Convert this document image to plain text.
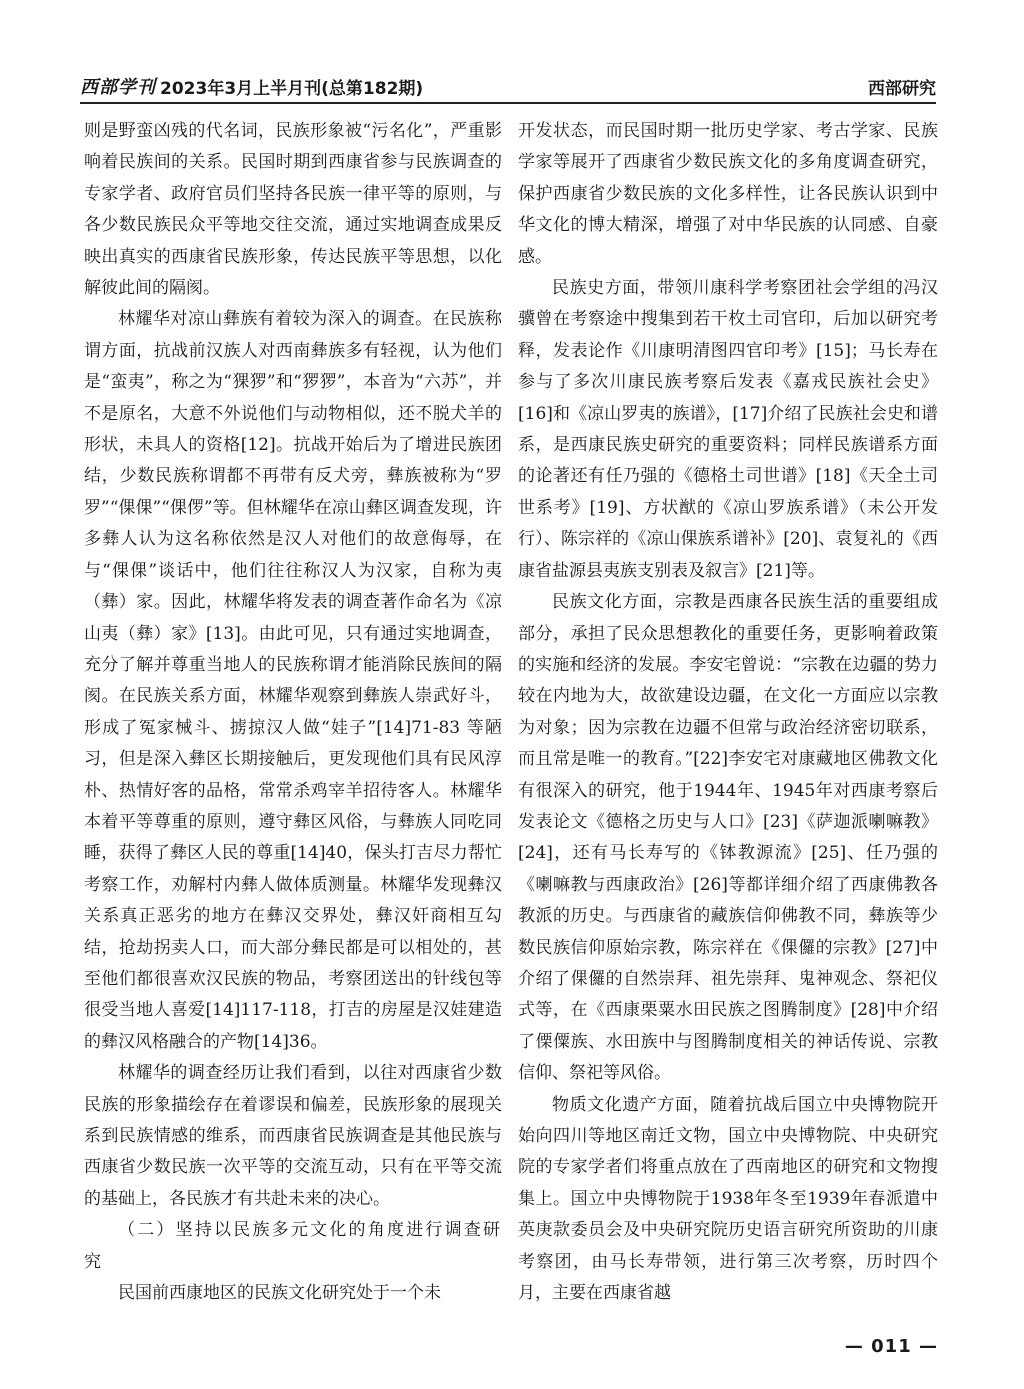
西部学刊 2023年3月上半月刊(总第182期)	西部研究

则是野蛮凶残的代名词，民族形象被“污名化”，严重影响着民族间的关系。民国时期到西康省参与民族调查的专家学者、政府官员们坚持各民族一律平等的原则，与各少数民族民众平等地交往交流，通过实地调查成果反映出真实的西康省民族形象，传达民族平等思想，以化解彼此间的隔阂。

林耀华对凉山彝族有着较为深入的调查。在民族称谓方面，抗战前汉族人对西南彝族多有轻视，认为他们是“蛮夷”，称之为“猓猡”和“猡猡”，本音为“六苏”，并不是原名，大意不外说他们与动物相似，还不脱犬羊的形状，未具人的资格[12]。抗战开始后为了增进民族团结，少数民族称谓都不再带有反犬旁，彝族被称为“罗罗”“倮倮”“倮㑩”等。但林耀华在凉山彝区调查发现，许多彝人认为这名称依然是汉人对他们的故意侮辱，在与“倮倮”谈话中，他们往往称汉人为汉家，自称为夷（彝）家。因此，林耀华将发表的调查著作命名为《凉山夷（彝）家》[13]。由此可见，只有通过实地调查，充分了解并尊重当地人的民族称谓才能消除民族间的隔阂。在民族关系方面，林耀华观察到彝族人崇武好斗，形成了冤家械斗、掳掠汉人做“娃子”[14]71-83 等陋习，但是深入彝区长期接触后，更发现他们具有民风淳朴、热情好客的品格，常常杀鸡宰羊招待客人。林耀华本着平等尊重的原则，遵守彝区风俗，与彝族人同吃同睡，获得了彝区人民的尊重[14]40，保头打吉尽力帮忙考察工作，劝解村内彝人做体质测量。林耀华发现彝汉关系真正恶劣的地方在彝汉交界处，彝汉奸商相互勾结，抢劫拐卖人口，而大部分彝民都是可以相处的，甚至他们都很喜欢汉民族的物品，考察团送出的针线包等很受当地人喜爱[14]117-118，打吉的房屋是汉娃建造的彝汉风格融合的产物[14]36。

林耀华的调查经历让我们看到，以往对西康省少数民族的形象描绘存在着谬误和偏差，民族形象的展现关系到民族情感的维系，而西康省民族调查是其他民族与西康省少数民族一次平等的交流互动，只有在平等交流的基础上，各民族才有共赴未来的决心。

（二）坚持以民族多元文化的角度进行调查研究

民国前西康地区的民族文化研究处于一个未

开发状态，而民国时期一批历史学家、考古学家、民族学家等展开了西康省少数民族文化的多角度调查研究，保护西康省少数民族的文化多样性，让各民族认识到中华文化的博大精深，增强了对中华民族的认同感、自豪感。

民族史方面，带领川康科学考察团社会学组的冯汉骥曾在考察途中搜集到若干枚土司官印，后加以研究考释，发表论作《川康明清图四官印考》[15]；马长寿在参与了多次川康民族考察后发表《嘉戎民族社会史》[16]和《凉山罗夷的族谱》，[17]介绍了民族社会史和谱系，是西康民族史研究的重要资料；同样民族谱系方面的论著还有任乃强的《德格土司世谱》[18]《天全土司世系考》[19]、方状猷的《凉山罗族系谱》（未公开发行）、陈宗祥的《凉山倮族系谱补》[20]、袁复礼的《西康省盐源县夷族支别表及叙言》[21]等。

民族文化方面，宗教是西康各民族生活的重要组成部分，承担了民众思想教化的重要任务，更影响着政策的实施和经济的发展。李安宅曾说：“宗教在边疆的势力较在内地为大，故欲建设边疆，在文化一方面应以宗教为对象；因为宗教在边疆不但常与政治经济密切联系，而且常是唯一的教育。”[22]李安宅对康藏地区佛教文化有很深入的研究，他于1944年、1945年对西康考察后发表论文《德格之历史与人口》[23]《萨迦派喇嘛教》[24]，还有马长寿写的《钵教源流》[25]、任乃强的《喇嘛教与西康政治》[26]等都详细介绍了西康佛教各教派的历史。与西康省的藏族信仰佛教不同，彝族等少数民族信仰原始宗教，陈宗祥在《倮儸的宗教》[27]中介绍了倮儸的自然崇拜、祖先崇拜、鬼神观念、祭祀仪式等，在《西康栗粟水田民族之图腾制度》[28]中介绍了傈僳族、水田族中与图腾制度相关的神话传说、宗教信仰、祭祀等风俗。

物质文化遗产方面，随着抗战后国立中央博物院开始向四川等地区南迁文物，国立中央博物院、中央研究院的专家学者们将重点放在了西南地区的研究和文物搜集上。国立中央博物院于1938年冬至1939年春派遣中英庚款委员会及中央研究院历史语言研究所资助的川康考察团，由马长寿带领，进行第三次考察，历时四个月，主要在西康省越

— 011 —
